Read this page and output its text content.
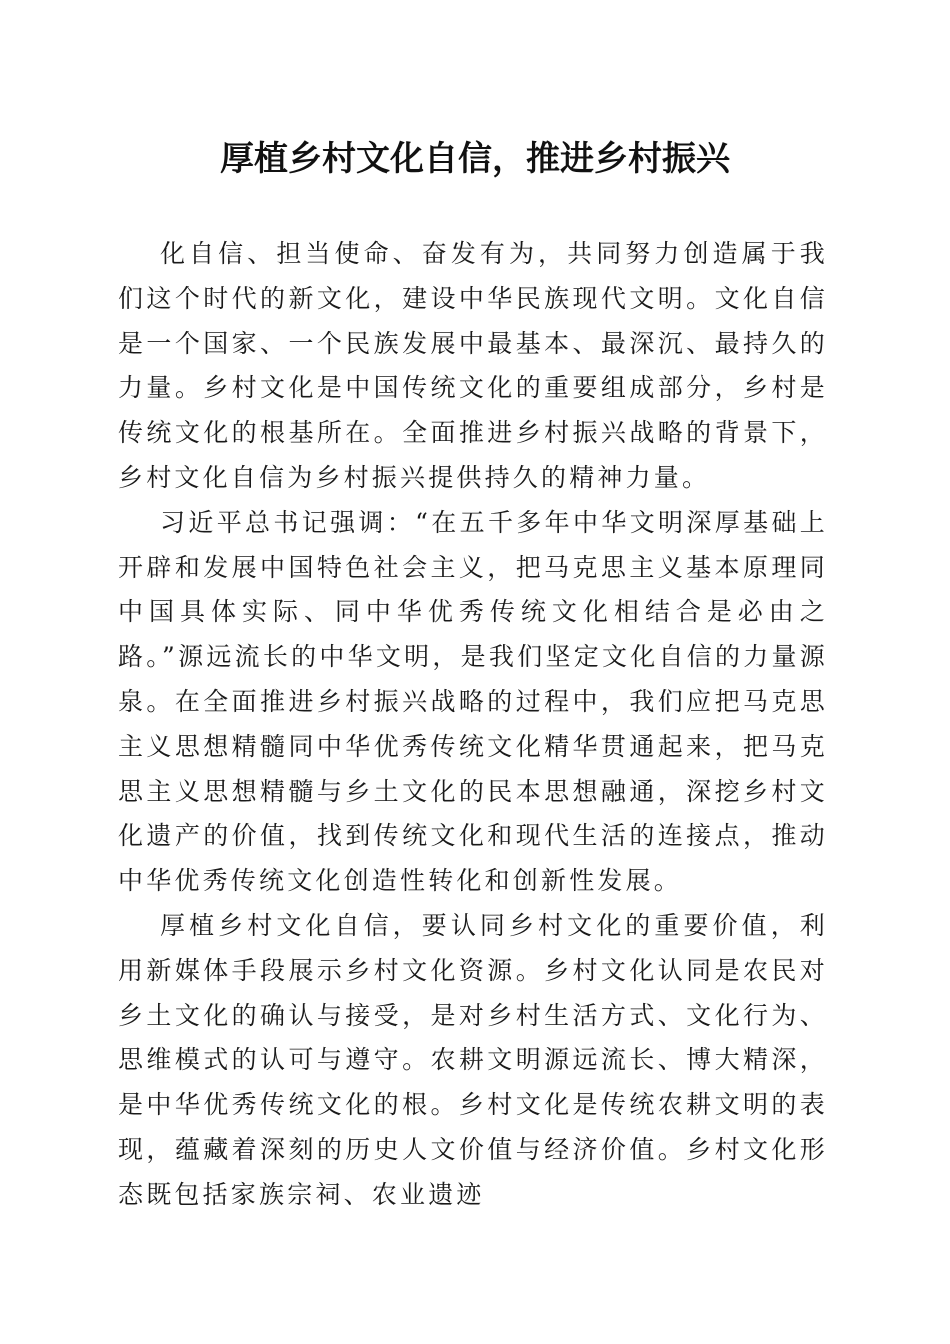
厚植乡村文化自信，推进乡村振兴

化自信、担当使命、奋发有为，共同努力创造属于我们这个时代的新文化，建设中华民族现代文明。文化自信是一个国家、一个民族发展中最基本、最深沉、最持久的力量。乡村文化是中国传统文化的重要组成部分，乡村是传统文化的根基所在。全面推进乡村振兴战略的背景下，乡村文化自信为乡村振兴提供持久的精神力量。

习近平总书记强调：“在五千多年中华文明深厚基础上开辟和发展中国特色社会主义，把马克思主义基本原理同中国具体实际、同中华优秀传统文化相结合是必由之路。”源远流长的中华文明，是我们坚定文化自信的力量源泉。在全面推进乡村振兴战略的过程中，我们应把马克思主义思想精髓同中华优秀传统文化精华贯通起来，把马克思主义思想精髓与乡土文化的民本思想融通，深挖乡村文化遗产的价值，找到传统文化和现代生活的连接点，推动中华优秀传统文化创造性转化和创新性发展。

厚植乡村文化自信，要认同乡村文化的重要价值，利用新媒体手段展示乡村文化资源。乡村文化认同是农民对乡土文化的确认与接受，是对乡村生活方式、文化行为、思维模式的认可与遵守。农耕文明源远流长、博大精深，是中华优秀传统文化的根。乡村文化是传统农耕文明的表现，蕴藏着深刻的历史人文价值与经济价值。乡村文化形态既包括家族宗祠、农业遗迹
